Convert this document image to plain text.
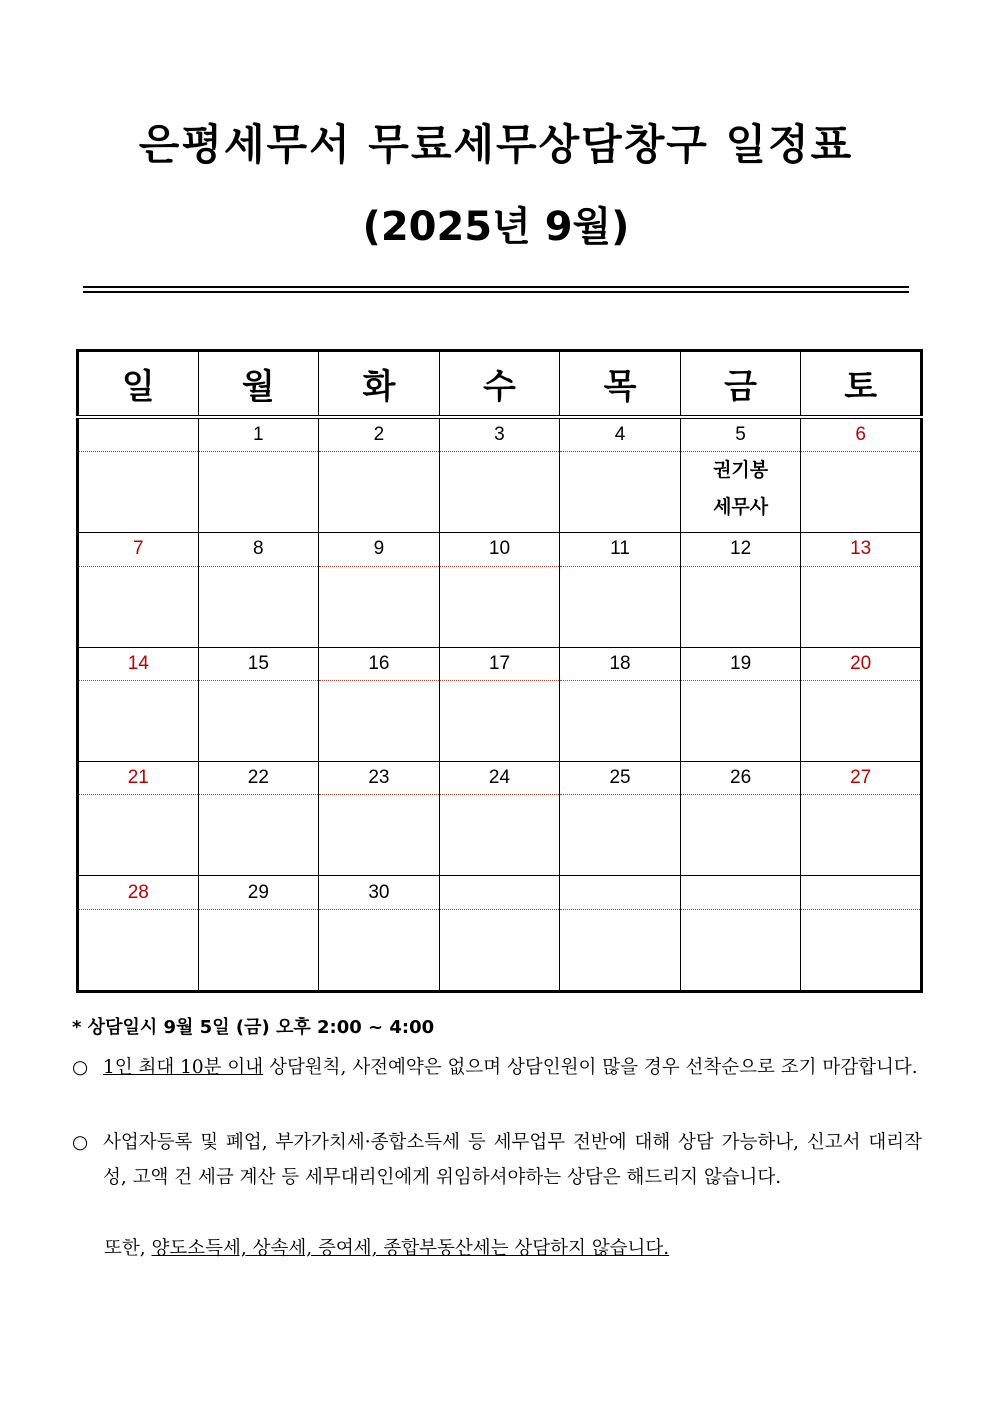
은평세무서 무료세무상담창구 일정표
(2025년 9월)
일	월	화	수	목	금	토
	1	2	3	4	5	6

					권기봉
세무사	

7	8	9	10	11	12	13

14	15	16	17	18	19	20

21	22	23	24	25	26	27

28	29	30				

* 상담일시 9월 5일 (금) 오후 2:00 ~ 4:00
○ 1인 최대 10분 이내 상담원칙, 사전예약은 없으며 상담인원이 많을 경우 선착순으로 조기 마감합니다.
○ 사업자등록 및 폐업, 부가가치세·종합소득세 등 세무업무 전반에 대해 상담 가능하나, 신고서 대리작성, 고액 건 세금 계산 등 세무대리인에게 위임하셔야하는 상담은 해드리지 않습니다.
또한, 양도소득세, 상속세, 증여세, 종합부동산세는 상담하지 않습니다.
